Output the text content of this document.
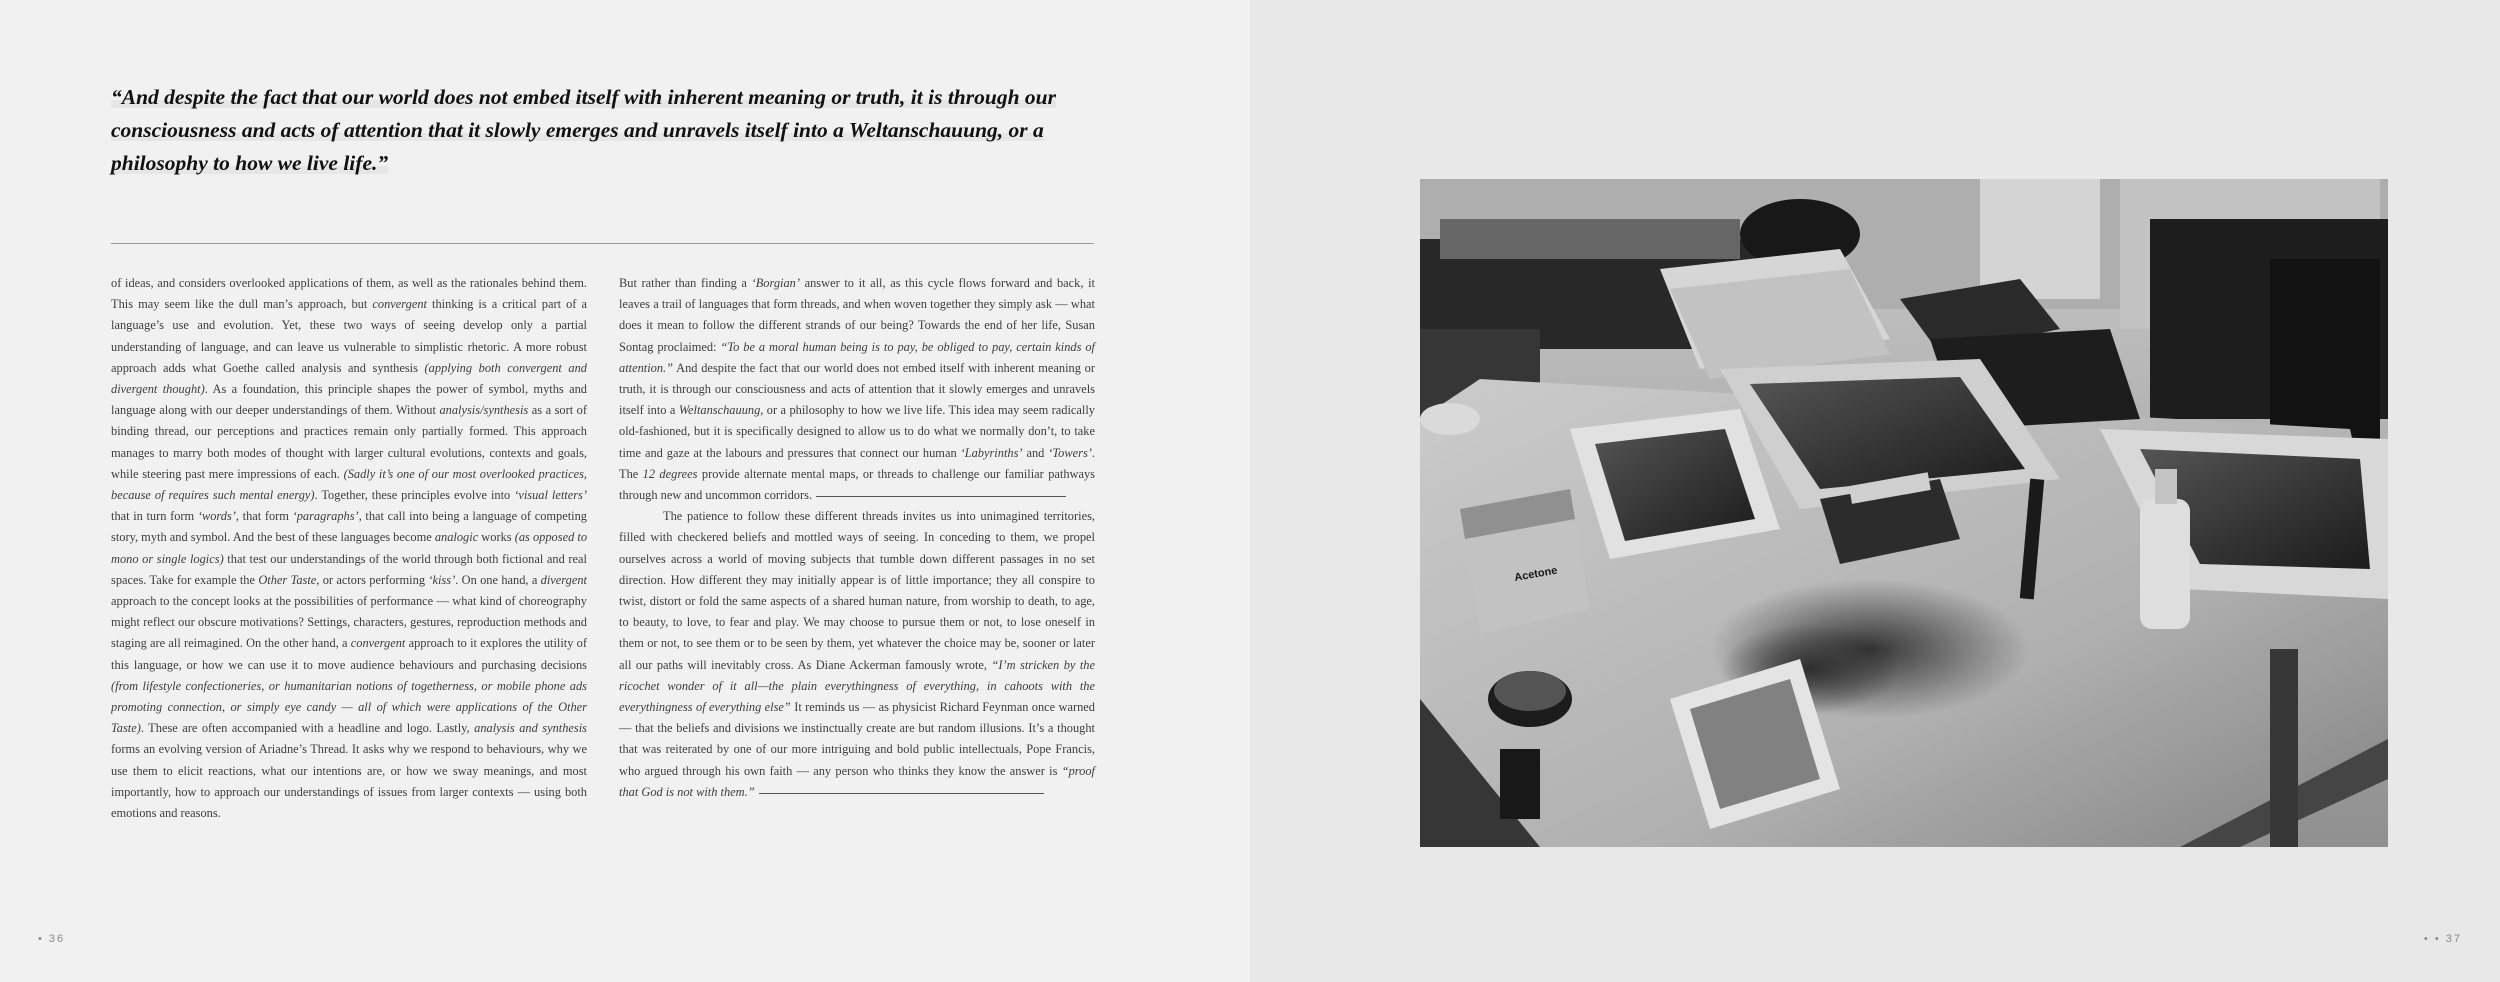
“And despite the fact that our world does not embed itself with inherent meaning or truth, it is through our
consciousness and acts of attention that it slowly emerges and unravels itself into a Weltanschauung, or a
philosophy to how we live life.”

of ideas, and considers overlooked applications of them, as well as the rationales behind them. This may seem like the dull man’s approach, but convergent thinking is a critical part of a language’s use and evolution. Yet, these two ways of seeing develop only a partial understanding of language, and can leave us vulnerable to simplistic rhetoric. A more robust approach adds what Goethe called analysis and synthesis (applying both convergent and divergent thought). As a foundation, this principle shapes the power of symbol, myths and language along with our deeper understandings of them. Without analysis/synthesis as a sort of binding thread, our perceptions and practices remain only partially formed. This approach manages to marry both modes of thought with larger cultural evolutions, contexts and goals, while steering past mere impressions of each. (Sadly it’s one of our most overlooked practices, because of requires such mental energy). Together, these principles evolve into ‘visual letters’ that in turn form ‘words’, that form ‘paragraphs’, that call into being a language of competing story, myth and symbol. And the best of these languages become analogic works (as opposed to mono or single logics) that test our understandings of the world through both fictional and real spaces. Take for example the Other Taste, or actors performing ‘kiss’. On one hand, a divergent approach to the concept looks at the possibilities of performance — what kind of choreography might reflect our obscure motivations? Settings, characters, gestures, reproduction methods and staging are all reimagined. On the other hand, a convergent approach to it explores the utility of this language, or how we can use it to move audience behaviours and purchasing decisions (from lifestyle confectioneries, or humanitarian notions of togetherness, or mobile phone ads promoting connection, or simply eye candy — all of which were applications of the Other Taste). These are often accompanied with a headline and logo. Lastly, analysis and synthesis forms an evolving version of Ariadne’s Thread. It asks why we respond to behaviours, why we use them to elicit reactions, what our intentions are, or how we sway meanings, and most importantly, how to approach our understandings of issues from larger contexts — using both emotions and reasons.

But rather than finding a ‘Borgian’ answer to it all, as this cycle flows forward and back, it leaves a trail of languages that form threads, and when woven together they simply ask — what does it mean to follow the different strands of our being? Towards the end of her life, Susan Sontag proclaimed: “To be a moral human being is to pay, be obliged to pay, certain kinds of attention.” And despite the fact that our world does not embed itself with inherent meaning or truth, it is through our consciousness and acts of attention that it slowly emerges and unravels itself into a Weltanschauung, or a philosophy to how we live life. This idea may seem radically old-fashioned, but it is specifically designed to allow us to do what we normally don’t, to take time and gaze at the labours and pressures that connect our human ‘Labyrinths’ and ‘Towers’. The 12 degrees provide alternate mental maps, or threads to challenge our familiar pathways through new and uncommon corridors.

The patience to follow these different threads invites us into unimagined territories, filled with checkered beliefs and mottled ways of seeing. In conceding to them, we propel ourselves across a world of moving subjects that tumble down different passages in no set direction. How different they may initially appear is of little importance; they all conspire to twist, distort or fold the same aspects of a shared human nature, from worship to death, to age, to beauty, to love, to fear and play. We may choose to pursue them or not, to lose oneself in them or not, to see them or to be seen by them, yet whatever the choice may be, sooner or later all our paths will inevitably cross. As Diane Ackerman famously wrote, “I’m stricken by the ricochet wonder of it all—the plain everythingness of everything, in cahoots with the everythingness of everything else” It reminds us — as physicist Richard Feynman once warned — that the beliefs and divisions we instinctually create are but random illusions. It’s a thought that was reiterated by one of our more intriguing and bold public intellectuals, Pope Francis, who argued through his own faith — any person who thinks they know the answer is “proof that God is not with them.”

• 36
Acetone
• • 37
